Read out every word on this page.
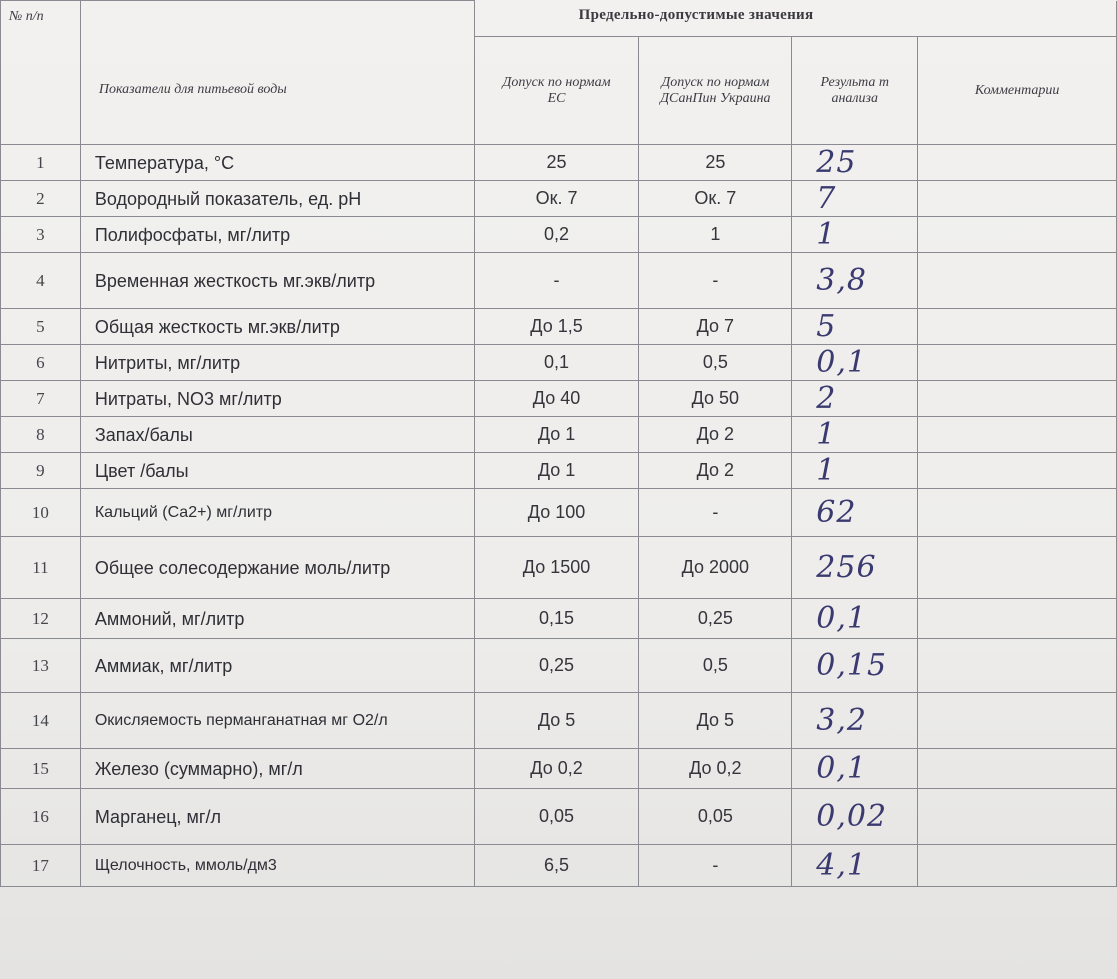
Предельно-допустимые значения
№ п/п	Показатели для питьевой воды				
		Допуск по нормам ЕС	Допуск по нормам ДСанПин Украина	Результа т анализа	Комментарии
1	Температура, °С	25	25	25	
2	Водородный показатель, ед. рН	Ок. 7	Ок. 7	7	
3	Полифосфаты, мг/литр	0,2	1	1	
4	Временная жесткость мг.экв/литр	-	-	3,8	
5	Общая жесткость мг.экв/литр	До 1,5	До 7	5	
6	Нитриты, мг/литр	0,1	0,5	0,1	
7	Нитраты, NO3 мг/литр	До 40	До 50	2	
8	Запах/балы	До 1	До 2	1	
9	Цвет /балы	До 1	До 2	1	
10	Кальций (Са2+) мг/литр	До 100	-	62	
11	Общее солесодержание моль/литр	До 1500	До 2000	256	
12	Аммоний, мг/литр	0,15	0,25	0,1	
13	Аммиак, мг/литр	0,25	0,5	0,15	
14	Окисляемость перманганатная мг О2/л	До 5	До 5	3,2	
15	Железо (суммарно), мг/л	До 0,2	До 0,2	0,1	
16	Марганец, мг/л	0,05	0,05	0,02	
17	Щелочность, ммоль/дм3	6,5	-	4,1	
